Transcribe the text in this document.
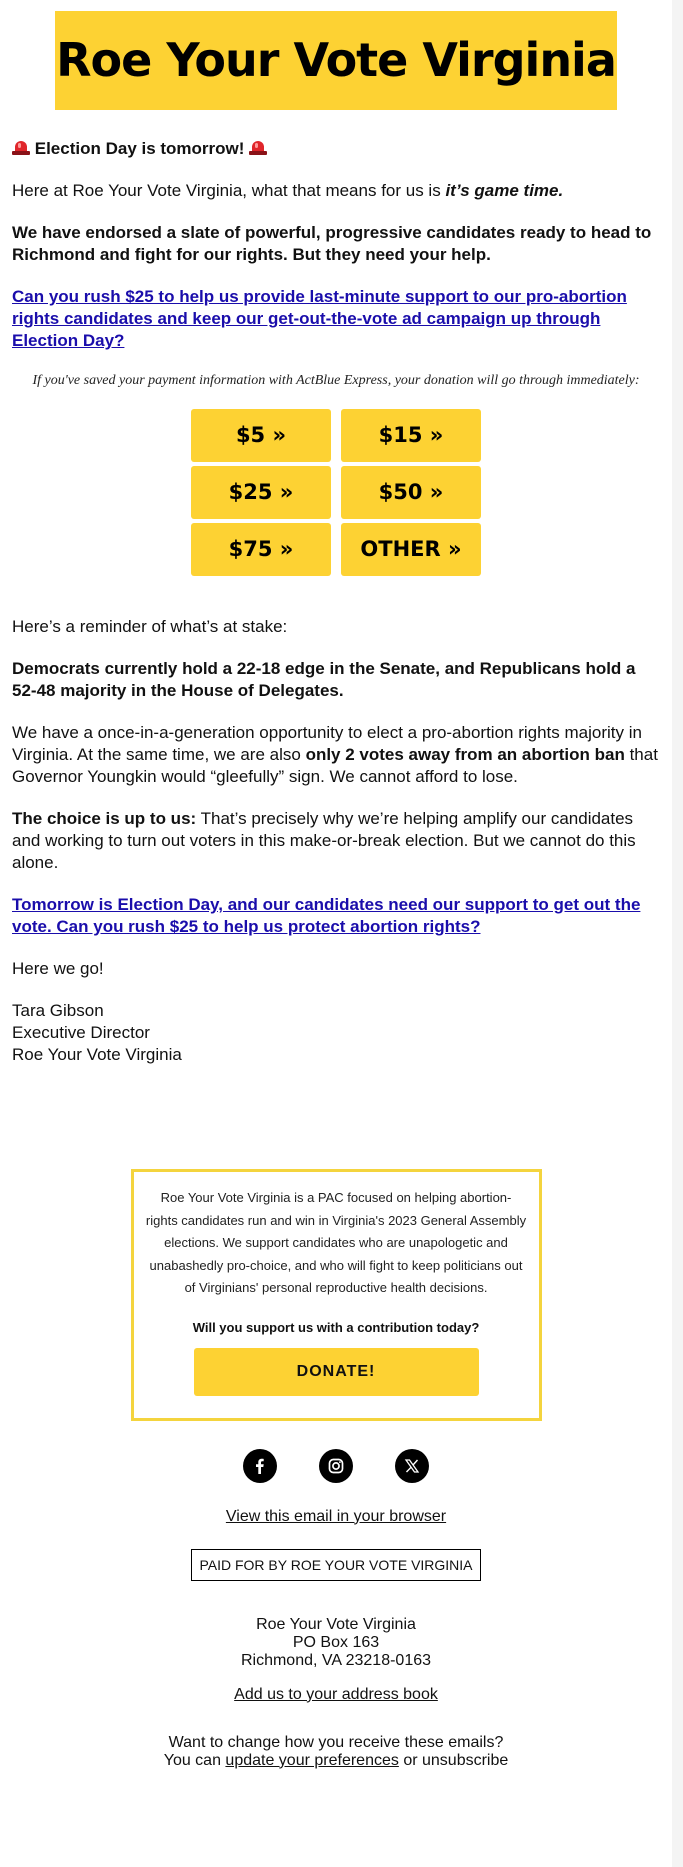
Roe Your Vote Virginia

Election Day is tomorrow!

Here at Roe Your Vote Virginia, what that means for us is it’s game time.

We have endorsed a slate of powerful, progressive candidates ready to head to Richmond and fight for our rights. But they need your help.

Can you rush $25 to help us provide last-minute support to our pro-abortion rights candidates and keep our get-out-the-vote ad campaign up through Election Day?

If you've saved your payment information with ActBlue Express, your donation will go through immediately:
$5 »	$15 »
$25 »	$50 »
$75 »	OTHER »

Here’s a reminder of what’s at stake:

Democrats currently hold a 22-18 edge in the Senate, and Republicans hold a 52-48 majority in the House of Delegates.

We have a once-in-a-generation opportunity to elect a pro-abortion rights majority in Virginia. At the same time, we are also only 2 votes away from an abortion ban that Governor Youngkin would “gleefully” sign. We cannot afford to lose.

The choice is up to us: That’s precisely why we’re helping amplify our candidates and working to turn out voters in this make-or-break election. But we cannot do this alone.

Tomorrow is Election Day, and our candidates need our support to get out the vote. Can you rush $25 to help us protect abortion rights?

Here we go!

Tara Gibson

Executive Director

Roe Your Vote Virginia

Roe Your Vote Virginia is a PAC focused on helping abortion-rights candidates run and win in Virginia's 2023 General Assembly elections. We support candidates who are unapologetic and unabashedly pro-choice, and who will fight to keep politicians out of Virginians' personal reproductive health decisions.
Will you support us with a contribution today?
DONATE!

View this email in your browser
PAID FOR BY ROE YOUR VOTE VIRGINIA
Roe Your Vote Virginia
PO Box 163
Richmond, VA 23218-0163
Add us to your address book
Want to change how you receive these emails?
You can update your preferences or unsubscribe
